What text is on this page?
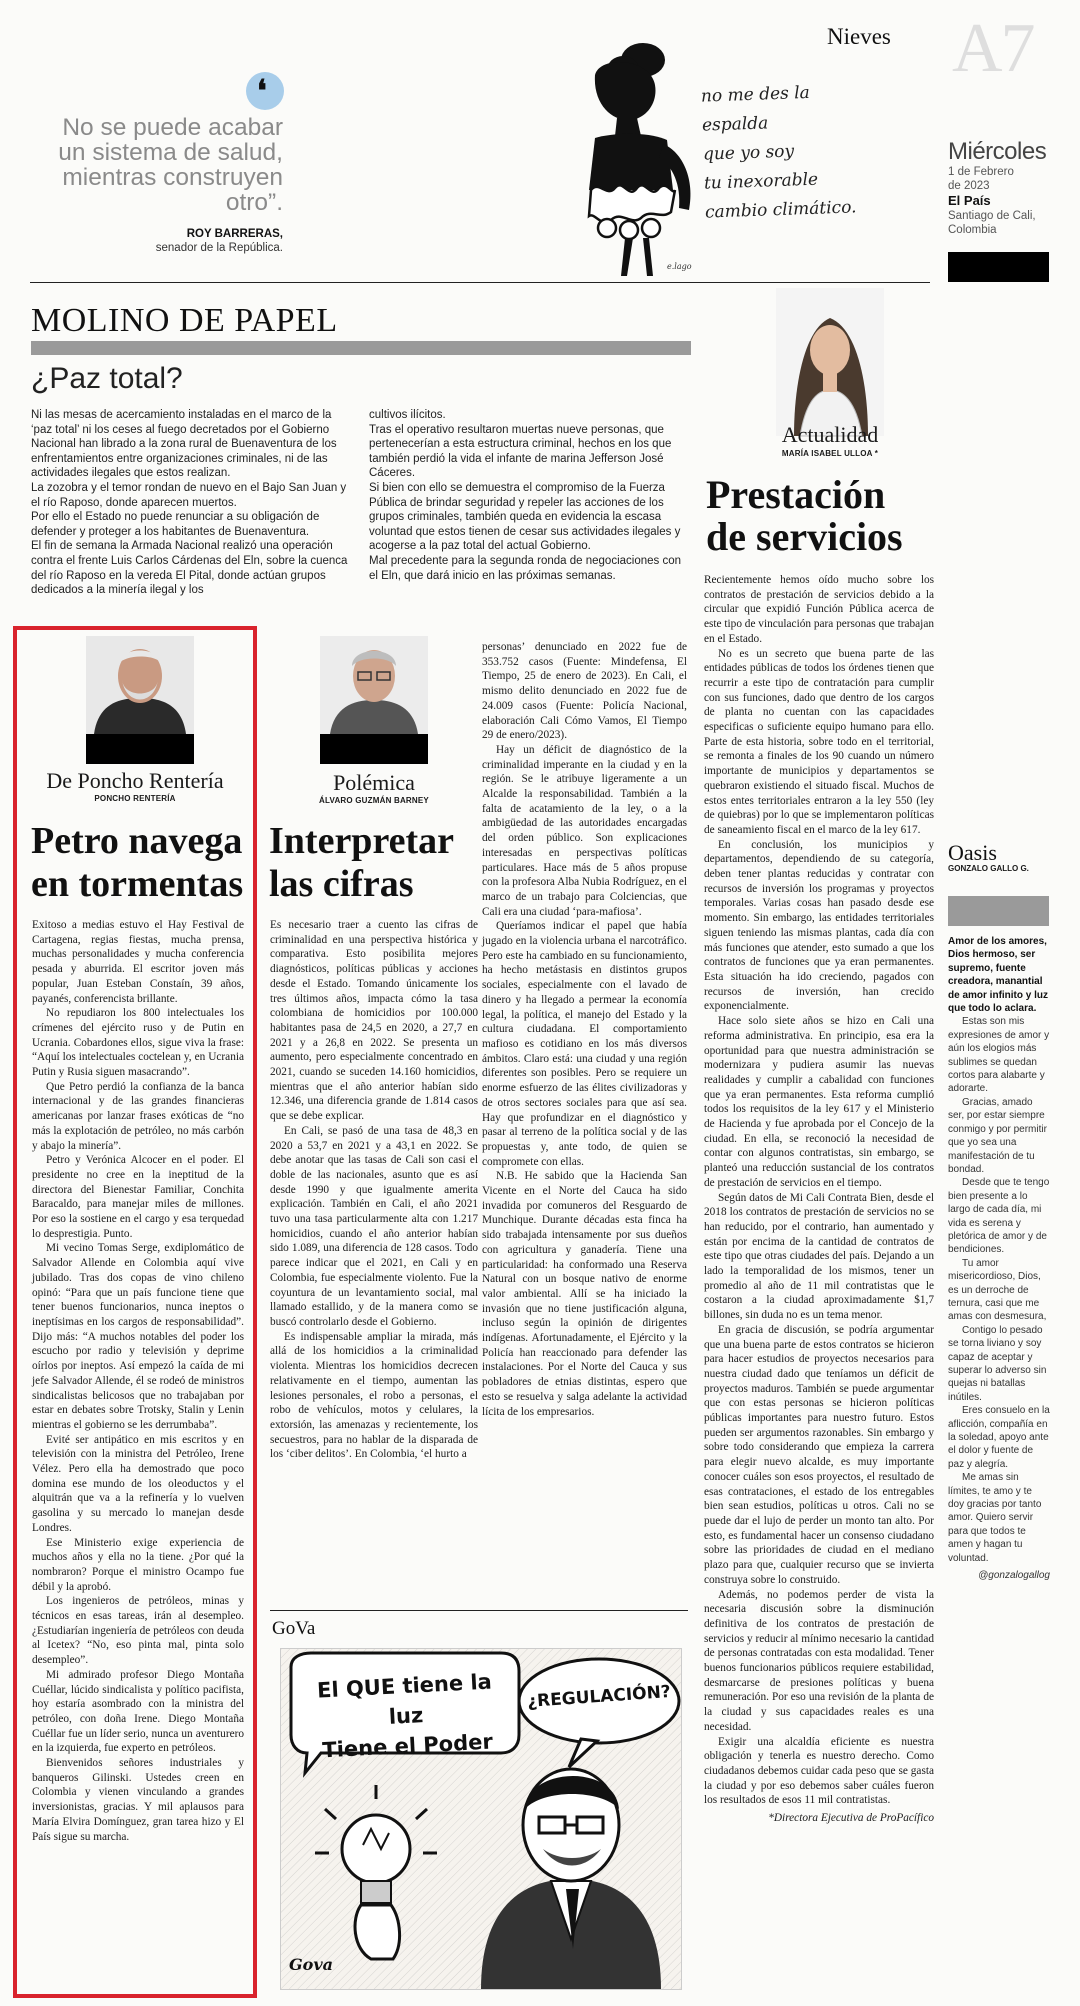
Nieves A7
Miércoles
1 de Febrero
de 2023
El País
Santiago de Cali,
Colombia
❛
No se puede acabar
un sistema de salud,
mientras construyen
otro”.
ROY BARRERAS,
senador de la República.
no me des la
espalda
que yo soy
tu inexorable
cambio climático.
e.lago
MOLINO DE PAPEL
¿Paz total?
Ni las mesas de acercamiento instaladas en el marco de la ‘paz total’ ni los ceses al fuego decretados por el Gobierno Nacional han librado a la zona rural de Buenaventura de los enfrentamientos entre organizaciones criminales, ni de las actividades ilegales que estos realizan.
La zozobra y el temor rondan de nuevo en el Bajo San Juan y el río Raposo, donde aparecen muertos.
Por ello el Estado no puede renunciar a su obligación de defender y proteger a los habitantes de Buenaventura.
El fin de semana la Armada Nacional realizó una operación contra el frente Luis Carlos Cárdenas del Eln, sobre la cuenca del río Raposo en la vereda El Pital, donde actúan grupos dedicados a la minería ilegal y los
cultivos ilícitos.
Tras el operativo resultaron muertas nueve personas, que pertenecerían a esta estructura criminal, hechos en los que también perdió la vida el infante de marina Jefferson José Cáceres.
Si bien con ello se demuestra el compromiso de la Fuerza Pública de brindar seguridad y repeler las acciones de los grupos criminales, también queda en evidencia la escasa voluntad que estos tienen de cesar sus actividades ilegales y acogerse a la paz total del actual Gobierno.
Mal precedente para la segunda ronda de negociaciones con el Eln, que dará inicio en las próximas semanas.
Actualidad
MARÍA ISABEL ULLOA *
Prestación
de servicios

Recientemente hemos oído mucho sobre los contratos de prestación de servicios debido a la circular que expidió Función Pública acerca de este tipo de vinculación para personas que trabajan en el Estado.

No es un secreto que buena parte de las entidades públicas de todos los órdenes tienen que recurrir a este tipo de contratación para cumplir con sus funciones, dado que dentro de los cargos de planta no cuentan con las capacidades especificas o suficiente equipo humano para ello. Parte de esta historia, sobre todo en el territorial, se remonta a finales de los 90 cuando un número importante de municipios y departamentos se quebraron existiendo el situado fiscal. Muchos de estos entes territoriales entraron a la ley 550 (ley de quiebras) por lo que se implementaron políticas de saneamiento fiscal en el marco de la ley 617.

En conclusión, los municipios y departamentos, dependiendo de su categoría, deben tener plantas reducidas y contratar con recursos de inversión los programas y proyectos temporales. Varias cosas han pasado desde ese momento. Sin embargo, las entidades territoriales siguen teniendo las mismas plantas, cada día con más funciones que atender, esto sumado a que los contratos de funciones que ya eran permanentes. Esta situación ha ido creciendo, pagados con recursos de inversión, han crecido exponencialmente.

Hace solo siete años se hizo en Cali una reforma administrativa. En principio, esa era la oportunidad para que nuestra administración se modernizara y pudiera asumir las nuevas realidades y cumplir a cabalidad con funciones que ya eran permanentes. Esta reforma cumplió todos los requisitos de la ley 617 y el Ministerio de Hacienda y fue aprobada por el Concejo de la ciudad. En ella, se reconoció la necesidad de contar con algunos contratistas, sin embargo, se planteó una reducción sustancial de los contratos de prestación de servicios en el tiempo.

Según datos de Mi Cali Contrata Bien, desde el 2018 los contratos de prestación de servicios no se han reducido, por el contrario, han aumentado y están por encima de la cantidad de contratos de este tipo que otras ciudades del país. Dejando a un lado la temporalidad de los mismos, tener un promedio al año de 11 mil contratistas que le costaron a la ciudad aproximadamente $1,7 billones, sin duda no es un tema menor.

En gracia de discusión, se podría argumentar que una buena parte de estos contratos se hicieron para hacer estudios de proyectos necesarios para nuestra ciudad dado que teníamos un déficit de proyectos maduros. También se puede argumentar que con estas personas se hicieron políticas públicas importantes para nuestro futuro. Estos pueden ser argumentos razonables. Sin embargo y sobre todo considerando que empieza la carrera para elegir nuevo alcalde, es muy importante conocer cuáles son esos proyectos, el resultado de esas contrataciones, el estado de los entregables bien sean estudios, políticas u otros. Cali no se puede dar el lujo de perder un monto tan alto. Por esto, es fundamental hacer un consenso ciudadano sobre las prioridades de ciudad en el mediano plazo para que, cualquier recurso que se invierta construya sobre lo construido.

Además, no podemos perder de vista la necesaria discusión sobre la disminución definitiva de los contratos de prestación de servicios y reducir al mínimo necesario la cantidad de personas contratadas con esta modalidad. Tener buenos funcionarios públicos requiere estabilidad, desmarcarse de presiones políticas y buena remuneración. Por eso una revisión de la planta de la ciudad y sus capacidades reales es una necesidad.

Exigir una alcaldía eficiente es nuestra obligación y tenerla es nuestro derecho. Como ciudadanos debemos cuidar cada peso que se gasta la ciudad y por eso debemos saber cuáles fueron los resultados de esos 11 mil contratistas.

*Directora Ejecutiva de ProPacífico
Oasis
GONZALO GALLO G.

Amor de los amores, Dios hermoso, ser supremo, fuente creadora, manantial de amor infinito y luz que todo lo aclara.

Estas son mis expresiones de amor y aún los elogios más sublimes se quedan cortos para alabarte y adorarte.

Gracias, amado ser, por estar siempre conmigo y por permitir que yo sea una manifestación de tu bondad.

Desde que te tengo bien presente a lo largo de cada día, mi vida es serena y pletórica de amor y de bendiciones.

Tu amor misericordioso, Dios, es un derroche de ternura, casi que me amas con desmesura,

Contigo lo pesado se torna liviano y soy capaz de aceptar y superar lo adverso sin quejas ni batallas inútiles.

Eres consuelo en la aflicción, compañía en la soledad, apoyo ante el dolor y fuente de paz y alegría.

Me amas sin límites, te amo y te doy gracias por tanto amor. Quiero servir para que todos te amen y hagan tu voluntad.

@gonzalogallog
De Poncho Rentería
PONCHO RENTERÍA
Petro navega
en tormentas

Exitoso a medias estuvo el Hay Festival de Cartagena, regias fiestas, mucha prensa, muchas personalidades y mucha conferencia pesada y aburrida. El escritor joven más popular, Juan Esteban Constaín, 39 años, payanés, conferencista brillante.

No repudiaron los 800 intelectuales los crímenes del ejército ruso y de Putin en Ucrania. Cobardones ellos, sigue viva la frase: “Aquí los intelectuales coctelean y, en Ucrania Putin y Rusia siguen masacrando”.

Que Petro perdió la confianza de la banca internacional y de las grandes financieras americanas por lanzar frases exóticas de “no más la explotación de petróleo, no más carbón y abajo la minería”.

Petro y Verónica Alcocer en el poder. El presidente no cree en la ineptitud de la directora del Bienestar Familiar, Conchita Baracaldo, para manejar miles de millones. Por eso la sostiene en el cargo y esa terquedad lo desprestigia. Punto.

Mi vecino Tomas Serge, exdiplomático de Salvador Allende en Colombia aquí vive jubilado. Tras dos copas de vino chileno opinó: “Para que un país funcione tiene que tener buenos funcionarios, nunca ineptos o ineptísimas en los cargos de responsabilidad”. Dijo más: “A muchos notables del poder los escucho por radio y televisión y deprime oírlos por ineptos. Así empezó la caída de mi jefe Salvador Allende, él se rodeó de ministros sindicalistas belicosos que no trabajaban por estar en debates sobre Trotsky, Stalin y Lenin mientras el gobierno se les derrumbaba”.

Evité ser antipático en mis escritos y en televisión con la ministra del Petróleo, Irene Vélez. Pero ella ha demostrado que poco domina ese mundo de los oleoductos y el alquitrán que va a la refinería y lo vuelven gasolina y su mercado lo manejan desde Londres.

Ese Ministerio exige experiencia de muchos años y ella no la tiene. ¿Por qué la nombraron? Porque el ministro Ocampo fue débil y la aprobó.

Los ingenieros de petróleos, minas y técnicos en esas tareas, irán al desempleo. ¿Estudiarían ingeniería de petróleos con deuda al Icetex? “No, eso pinta mal, pinta solo desempleo”.

Mi admirado profesor Diego Montaña Cuéllar, lúcido sindicalista y político pacifista, hoy estaría asombrado con la ministra del petróleo, con doña Irene. Diego Montaña Cuéllar fue un líder serio, nunca un aventurero en la izquierda, fue experto en petróleos.

Bienvenidos señores industriales y banqueros Gilinski. Ustedes creen en Colombia y vienen vinculando a grandes inversionistas, gracias. Y mil aplausos para María Elvira Domínguez, gran tarea hizo y El País sigue su marcha.

Polémica
ÁLVARO GUZMÁN BARNEY
Interpretar
las cifras

Es necesario traer a cuento las cifras de criminalidad en una perspectiva histórica y comparativa. Esto posibilita mejores diagnósticos, políticas públicas y acciones desde el Estado. Tomando únicamente los tres últimos años, impacta cómo la tasa colombiana de homicidios por 100.000 habitantes pasa de 24,5 en 2020, a 27,7 en 2021 y a 26,8 en 2022. Se presenta un aumento, pero especialmente concentrado en 2021, cuando se suceden 14.160 homicidios, mientras que el año anterior habían sido 12.346, una diferencia grande de 1.814 casos que se debe explicar.

En Cali, se pasó de una tasa de 48,3 en 2020 a 53,7 en 2021 y a 43,1 en 2022. Se debe anotar que las tasas de Cali son casi el doble de las nacionales, asunto que es así desde 1990 y que igualmente amerita explicación. También en Cali, el año 2021 tuvo una tasa particularmente alta con 1.217 homicidios, cuando el año anterior habían sido 1.089, una diferencia de 128 casos. Todo parece indicar que el 2021, en Cali y en Colombia, fue especialmente violento. Fue la coyuntura de un levantamiento social, mal llamado estallido, y de la manera como se buscó controlarlo desde el Gobierno.

Es indispensable ampliar la mirada, más allá de los homicidios a la criminalidad violenta. Mientras los homicidios decrecen relativamente en el tiempo, aumentan las lesiones personales, el robo a personas, el robo de vehículos, motos y celulares, la extorsión, las amenazas y recientemente, los secuestros, para no hablar de la disparada de los ‘ciber delitos’. En Colombia, ‘el hurto a

personas’ denunciado en 2022 fue de 353.752 casos (Fuente: Mindefensa, El Tiempo, 25 de enero de 2023). En Cali, el mismo delito denunciado en 2022 fue de 24.009 casos (Fuente: Policía Nacional, elaboración Cali Cómo Vamos, El Tiempo 29 de enero/2023).

Hay un déficit de diagnóstico de la criminalidad imperante en la ciudad y en la región. Se le atribuye ligeramente a un Alcalde la responsabilidad. También a la falta de acatamiento de la ley, o a la ambigüedad de las autoridades encargadas del orden público. Son explicaciones interesadas en perspectivas políticas particulares. Hace más de 5 años propuse con la profesora Alba Nubia Rodríguez, en el marco de un trabajo para Colciencias, que Cali era una ciudad ‘para-mafiosa’.

Queríamos indicar el papel que había jugado en la violencia urbana el narcotráfico. Pero este ha cambiado en su funcionamiento, ha hecho metástasis en distintos grupos sociales, especialmente con el lavado de dinero y ha llegado a permear la economía legal, la política, el manejo del Estado y la cultura ciudadana. El comportamiento mafioso es cotidiano en los más diversos ámbitos. Claro está: una ciudad y una región diferentes son posibles. Pero se requiere un enorme esfuerzo de las élites civilizadoras y de otros sectores sociales para que así sea. Hay que profundizar en el diagnóstico y pasar al terreno de la política social y de las propuestas y, ante todo, de quien se compromete con ellas.

N.B. He sabido que la Hacienda San Vicente en el Norte del Cauca ha sido invadida por comuneros del Resguardo de Munchique. Durante décadas esta finca ha sido trabajada intensamente por sus dueños con agricultura y ganadería. Tiene una particularidad: ha conformado una Reserva Natural con un bosque nativo de enorme valor ambiental. Allí se ha iniciado la invasión que no tiene justificación alguna, incluso según la opinión de dirigentes indígenas. Afortunadamente, el Ejército y la Policía han reaccionado para defender las instalaciones. Por el Norte del Cauca y sus pobladores de etnias distintas, espero que esto se resuelva y salga adelante la actividad lícita de los empresarios.

GoVa
El QUE tiene la luz
Tiene el Poder
¿REGULACIÓN?
Gova
